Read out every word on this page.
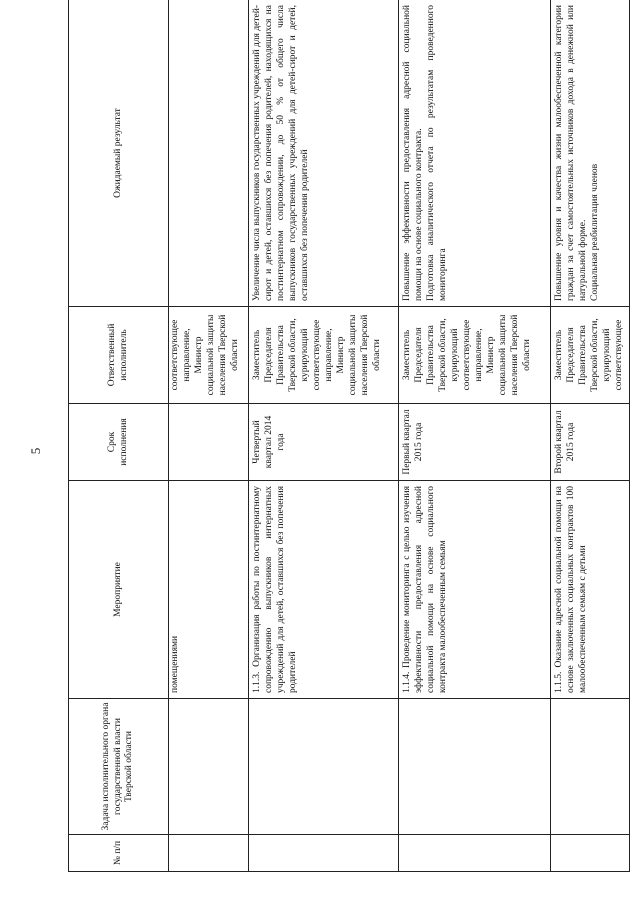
5
№ п/п	Задача исполнительного органа государственной власти Тверской области	Мероприятие	Срок исполнения	Ответственный исполнитель	Ожидаемый результат
		помещениями		соответствующее направление, Министр социальной защиты населения Тверской области	
		1.1.3. Организация работы по постинтернатному сопровождению выпускников интернатных учреждений для детей, оставшихся без попечения родителей	Четвертый квартал 2014 года	Заместитель Председателя Правительства Тверской области, курирующий соответствующее направление, Министр социальной защиты населения Тверской области	Увеличение числа выпускников государственных учреждений для детей-сирот и детей, оставшихся без попечения родителей, находящихся на постинтернатном сопровождении, до 50 % от общего числа выпускников государственных учреждений для детей-сирот и детей, оставшихся без попечения родителей
		1.1.4. Проведение мониторинга с целью изучения эффективности предоставления адресной социальной помощи на основе социального контракта малообеспеченным семьям	Первый квартал 2015 года	Заместитель Председателя Правительства Тверской области, курирующий соответствующее направление, Министр социальной защиты населения Тверской области	Повышение эффективности предоставления адресной социальной помощи на основе социального контракта. Подготовка аналитического отчета по результатам проведенного мониторинга

		1.1.5. Оказание адресной социальной помощи на основе заключенных социальных контрактов 100 малообеспеченным семьям с детьми	Второй квартал 2015 года	Заместитель Председателя Правительства Тверской области, курирующий соответствующее	Повышение уровня и качества жизни малообеспеченной категории граждан за счет самостоятельных источников дохода в денежной или натуральной форме. Социальная реабилитация членов
